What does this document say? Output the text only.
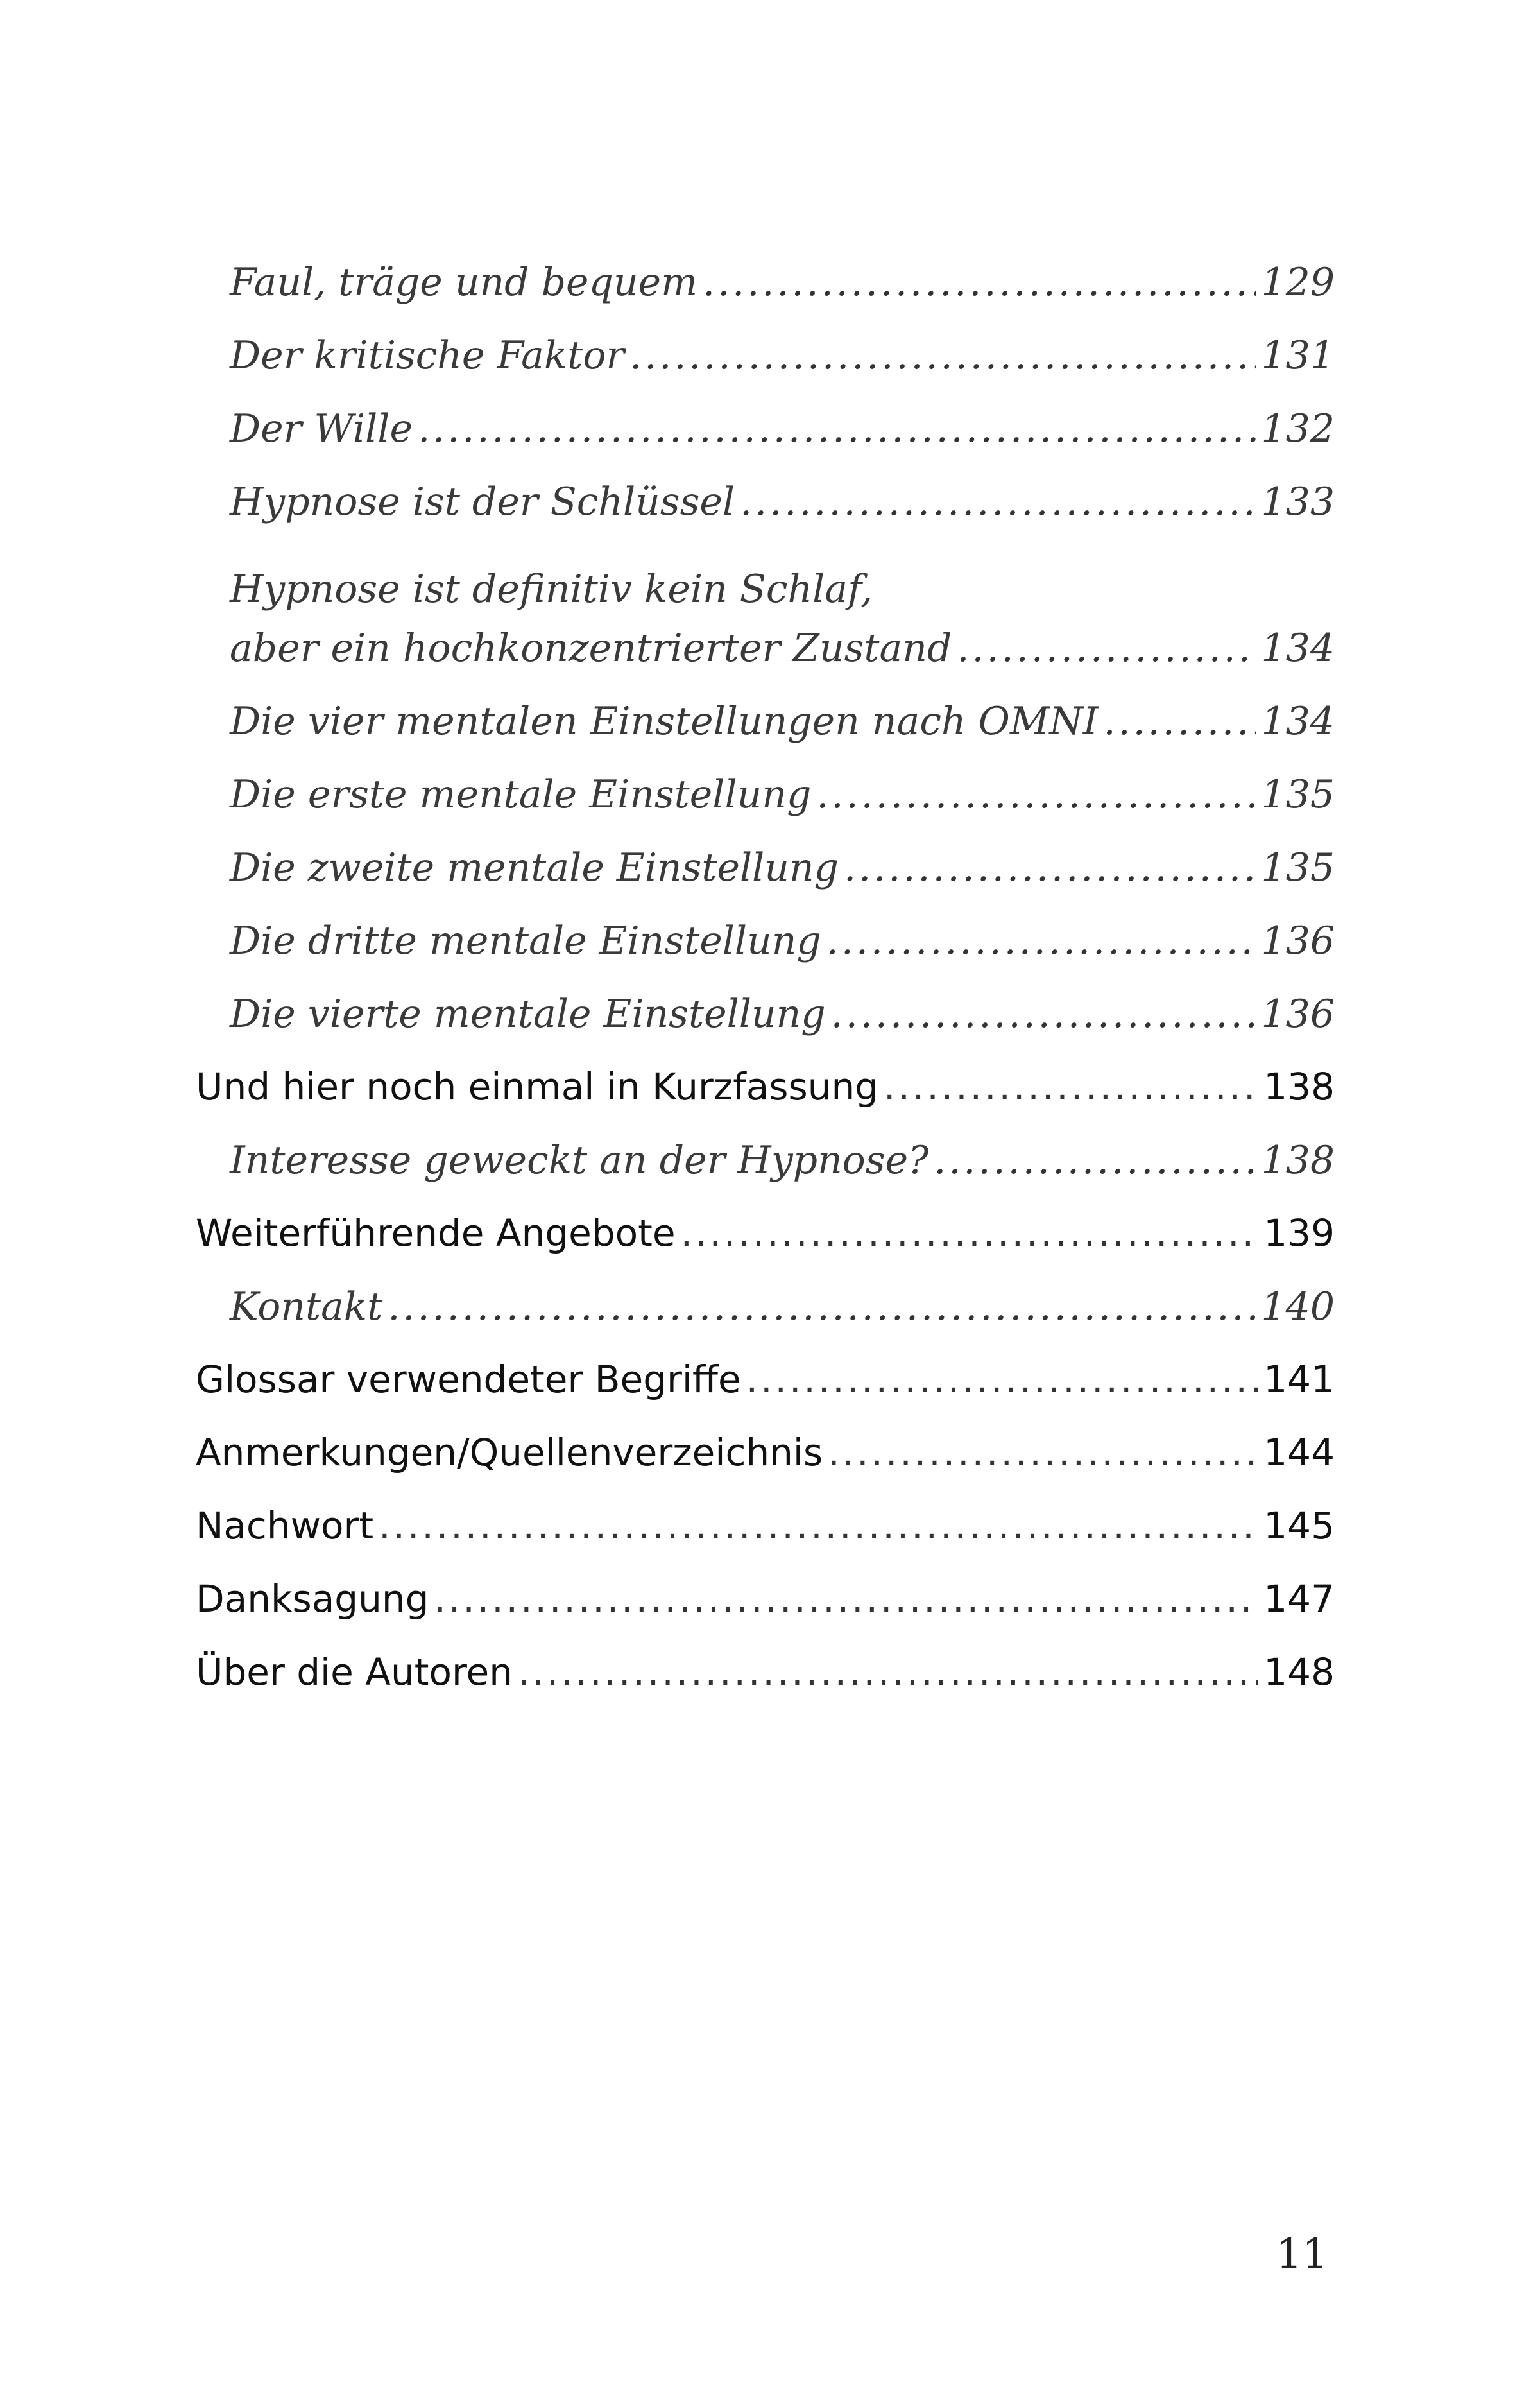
Faul, träge und bequem .....	129
Der kritische Faktor .....	131
Der Wille .....	132
Hypnose ist der Schlüssel .....	133
Hypnose ist definitiv kein Schlaf,
aber ein hochkonzentrierter Zustand .....	134
Die vier mentalen Einstellungen nach OMNI .....	134
Die erste mentale Einstellung .....	135
Die zweite mentale Einstellung .....	135
Die dritte mentale Einstellung .....	136
Die vierte mentale Einstellung .....	136
Und hier noch einmal in Kurzfassung .....	138
Interesse geweckt an der Hypnose? .....	138
Weiterführende Angebote .....	139
Kontakt .....	140
Glossar verwendeter Begriffe .....	141
Anmerkungen/Quellenverzeichnis .....	144
Nachwort .....	145
Danksagung .....	147
Über die Autoren .....	148
11
